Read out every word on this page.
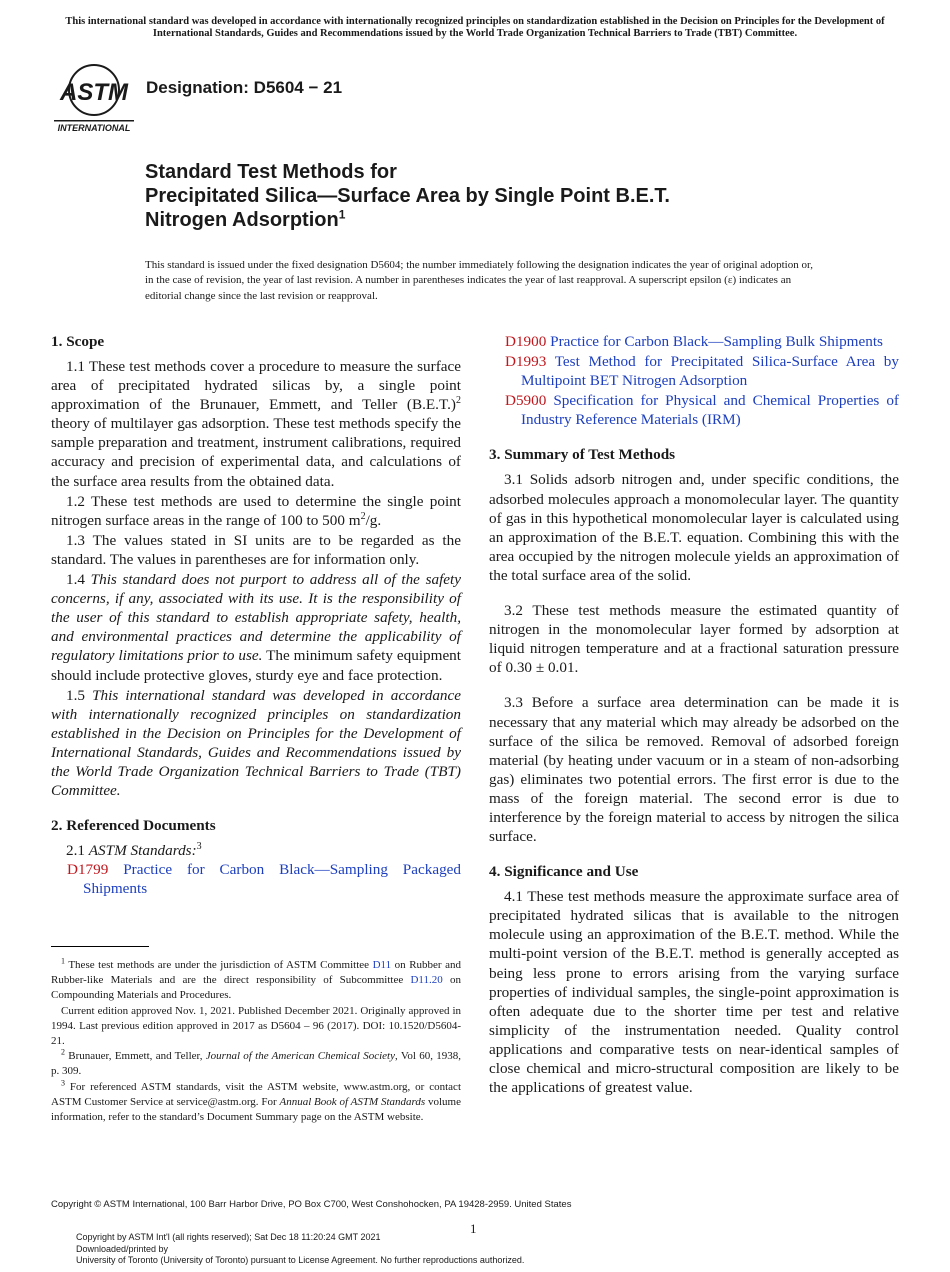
This international standard was developed in accordance with internationally recognized principles on standardization established in the Decision on Principles for the Development of International Standards, Guides and Recommendations issued by the World Trade Organization Technical Barriers to Trade (TBT) Committee.
ASTM
INTERNATIONAL
Designation: D5604 − 21
Standard Test Methods for
Precipitated Silica—Surface Area by Single Point B.E.T.
Nitrogen Adsorption$^1$
This standard is issued under the fixed designation D5604; the number immediately following the designation indicates the year of original adoption or, in the case of revision, the year of last revision. A number in parentheses indicates the year of last reapproval. A superscript epsilon (ε) indicates an editorial change since the last revision or reapproval.
1. Scope

1.1 These test methods cover a procedure to measure the surface area of precipitated hydrated silicas by, a single point approximation of the Brunauer, Emmett, and Teller $(B.E.T.)^2$ theory of multilayer gas adsorption. These test methods specify the sample preparation and treatment, instrument calibrations, required accuracy and precision of experimental data, and calculations of the surface area results from the obtained data.

1.2 These test methods are used to determine the single point nitrogen surface areas in the range of 100 to 500 $m^2/g$.

1.3 The values stated in SI units are to be regarded as the standard. The values in parentheses are for information only.

1.4 This standard does not purport to address all of the safety concerns, if any, associated with its use. It is the responsibility of the user of this standard to establish appropriate safety, health, and environmental practices and determine the applicability of regulatory limitations prior to use. The minimum safety equipment should include protective gloves, sturdy eye and face protection.

1.5 This international standard was developed in accordance with internationally recognized principles on standardization established in the Decision on Principles for the Development of International Standards, Guides and Recommendations issued by the World Trade Organization Technical Barriers to Trade (TBT) Committee.

2. Referenced Documents

2.1 ASTM Standards:$^3$

D1799 Practice for Carbon Black—Sampling Packaged Shipments

D1900 Practice for Carbon Black—Sampling Bulk Shipments

D1993 Test Method for Precipitated Silica-Surface Area by Multipoint BET Nitrogen Adsorption

D5900 Specification for Physical and Chemical Properties of Industry Reference Materials (IRM)

3. Summary of Test Methods

3.1 Solids adsorb nitrogen and, under specific conditions, the adsorbed molecules approach a monomolecular layer. The quantity of gas in this hypothetical monomolecular layer is calculated using an approximation of the B.E.T. equation. Combining this with the area occupied by the nitrogen molecule yields an approximation of the total surface area of the solid.

3.2 These test methods measure the estimated quantity of nitrogen in the monomolecular layer formed by adsorption at liquid nitrogen temperature and at a fractional saturation pressure of 0.30 ± 0.01.

3.3 Before a surface area determination can be made it is necessary that any material which may already be adsorbed on the surface of the silica be removed. Removal of adsorbed foreign material (by heating under vacuum or in a steam of non-adsorbing gas) eliminates two potential errors. The first error is due to the mass of the foreign material. The second error is due to interference by the foreign material to access by nitrogen the silica surface.

4. Significance and Use

4.1 These test methods measure the approximate surface area of precipitated hydrated silicas that is available to the nitrogen molecule using an approximation of the B.E.T. method. While the multi-point version of the B.E.T. method is generally accepted as being less prone to errors arising from the varying surface properties of individual samples, the single-point approximation is often adequate due to the shorter time per test and relative simplicity of the instrumentation needed. Quality control applications and comparative tests on near-identical samples of close chemical and micro-structural composition are likely to be the applications of greatest value.

$^1$ These test methods are under the jurisdiction of ASTM Committee D11 on Rubber and Rubber-like Materials and are the direct responsibility of Subcommittee D11.20 on Compounding Materials and Procedures.

Current edition approved Nov. 1, 2021. Published December 2021. Originally approved in 1994. Last previous edition approved in 2017 as D5604 – 96 (2017). DOI: 10.1520/D5604-21.

$^2$ Brunauer, Emmett, and Teller, Journal of the American Chemical Society, Vol 60, 1938, p. 309.

$^3$ For referenced ASTM standards, visit the ASTM website, www.astm.org, or contact ASTM Customer Service at service@astm.org. For Annual Book of ASTM Standards volume information, refer to the standard’s Document Summary page on the ASTM website.

Copyright © ASTM International, 100 Barr Harbor Drive, PO Box C700, West Conshohocken, PA 19428-2959. United States
1
Copyright by ASTM Int'l (all rights reserved); Sat Dec 18 11:20:24 GMT 2021
Downloaded/printed by
University of Toronto (University of Toronto) pursuant to License Agreement. No further reproductions authorized.
